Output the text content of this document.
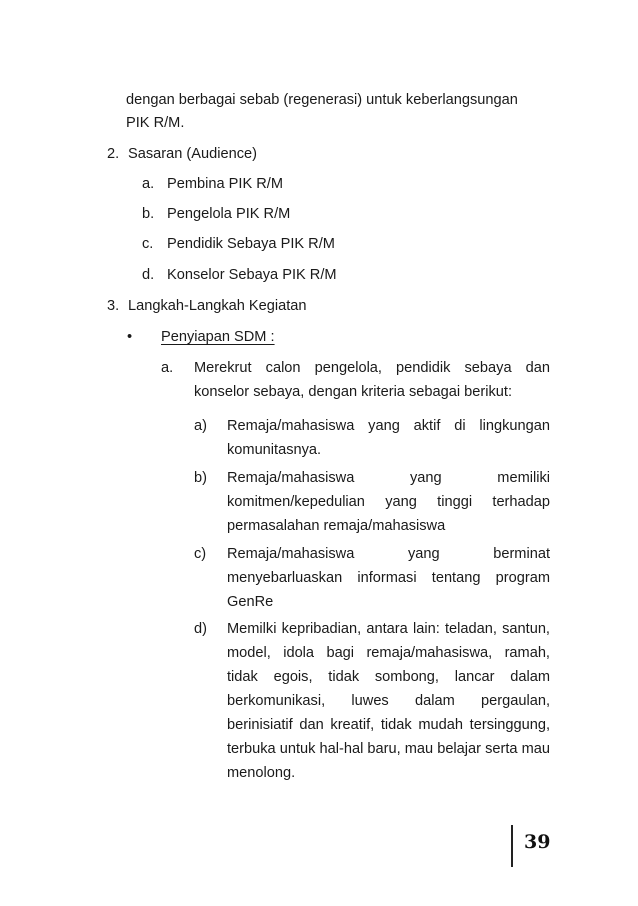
dengan berbagai sebab (regenerasi) untuk keberlangsungan
PIK R/M.
2. Sasaran (Audience)
a. Pembina PIK R/M
b. Pengelola PIK R/M
c. Pendidik Sebaya PIK R/M
d. Konselor Sebaya PIK R/M
3. Langkah-Langkah Kegiatan
• Penyiapan SDM :
a. Merekrut calon pengelola, pendidik sebaya dan konselor sebaya, dengan kriteria sebagai berikut:
a) Remaja/mahasiswa yang aktif di lingkungan komunitasnya.
b) Remaja/mahasiswa yang memiliki komitmen/kepedulian yang tinggi terhadap permasalahan remaja/mahasiswa
c) Remaja/mahasiswa yang berminat menyebarluaskan informasi tentang program GenRe
d) Memilki kepribadian, antara lain: teladan, santun, model, idola bagi remaja/mahasiswa, ramah, tidak egois, tidak sombong, lancar dalam berkomunikasi, luwes dalam pergaulan, berinisiatif dan kreatif, tidak mudah tersinggung, terbuka untuk hal-hal baru, mau belajar serta mau menolong.
39
